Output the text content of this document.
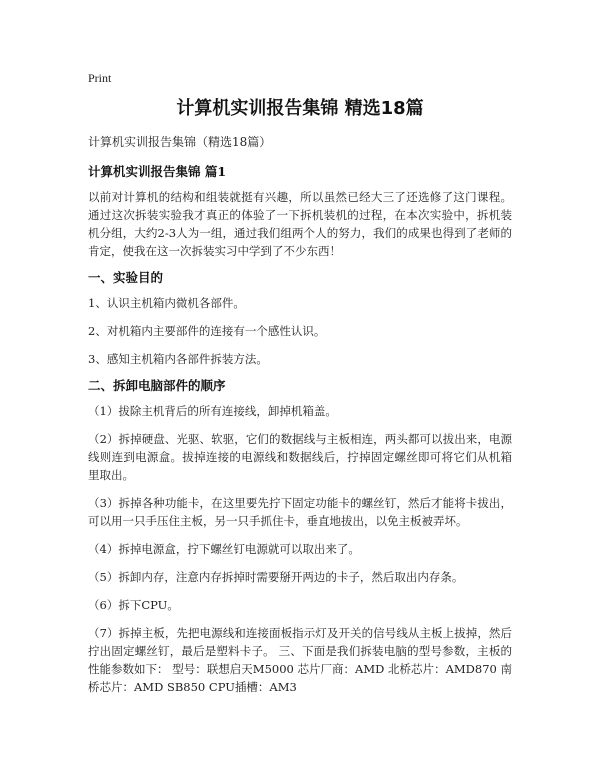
Print
计算机实训报告集锦 精选18篇
计算机实训报告集锦（精选18篇）
计算机实训报告集锦 篇1

以前对计算机的结构和组装就挺有兴趣，所以虽然已经大三了还选修了这门课程。通过这次拆装实验我才真正的体验了一下拆机装机的过程，在本次实验中，拆机装机分组，大约2-3人为一组，通过我们组两个人的努力，我们的成果也得到了老师的肯定，使我在这一次拆装实习中学到了不少东西！

一、实验目的

1、认识主机箱内微机各部件。

2、对机箱内主要部件的连接有一个感性认识。

3、感知主机箱内各部件拆装方法。

二、拆卸电脑部件的顺序

（1）拔除主机背后的所有连接线，卸掉机箱盖。

（2）拆掉硬盘、光驱、软驱，它们的数据线与主板相连，两头都可以拔出来，电源线则连到电源盒。拔掉连接的电源线和数据线后，拧掉固定螺丝即可将它们从机箱里取出。

（3）拆掉各种功能卡，在这里要先拧下固定功能卡的螺丝钉，然后才能将卡拔出，可以用一只手压住主板，另一只手抓住卡，垂直地拔出，以免主板被弄坏。

（4）拆掉电源盒，拧下螺丝钉电源就可以取出来了。

（5）拆卸内存，注意内存拆掉时需要掰开两边的卡子，然后取出内存条。

（6）拆下CPU。

（7）拆掉主板，先把电源线和连接面板指示灯及开关的信号线从主板上拔掉，然后拧出固定螺丝钉，最后是塑料卡子。 三、下面是我们拆装电脑的型号参数，主板的性能参数如下： 型号：联想启天M5000 芯片厂商：AMD 北桥芯片：AMD870 南桥芯片：AMD SB850 CPU插槽：AM3
